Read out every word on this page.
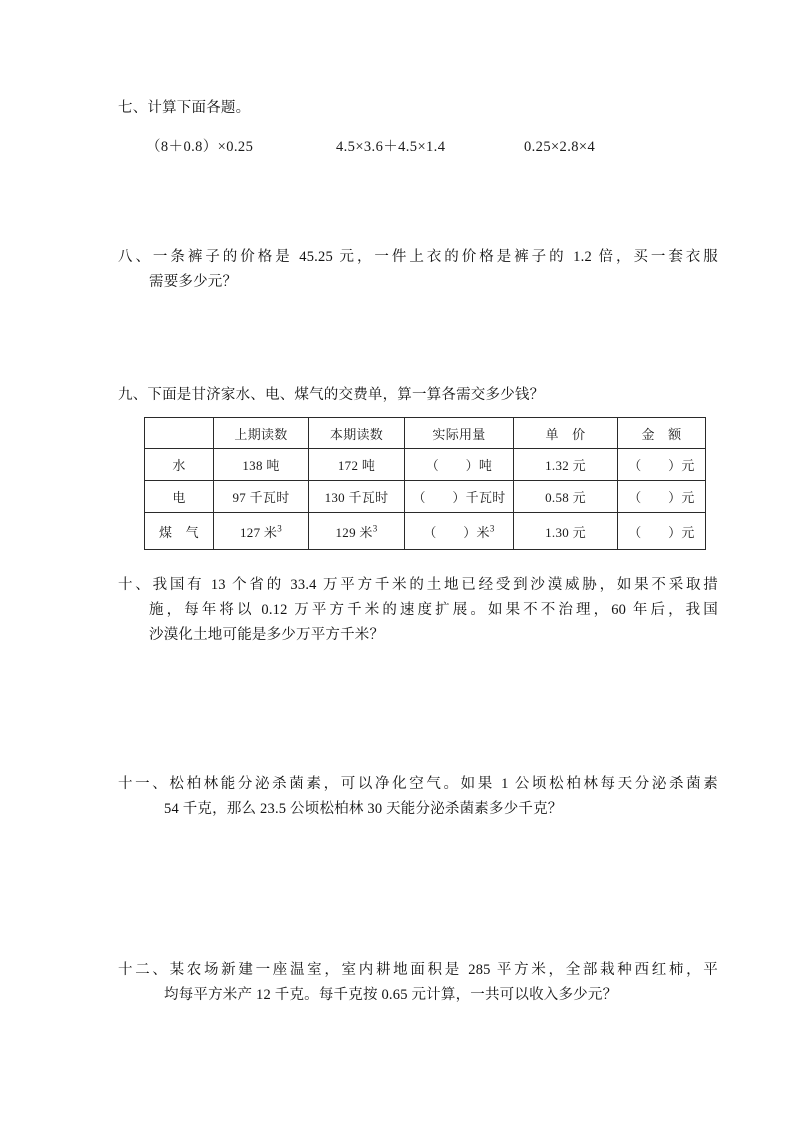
七、计算下面各题。
（8＋0.8）×0.25	4.5×3.6＋4.5×1.4	0.25×2.8×4
八、一条裤子的价格是 45.25 元，一件上衣的价格是裤子的 1.2 倍，买一套衣服
需要多少元？
九、下面是甘济家水、电、煤气的交费单，算一算各需交多少钱？
	上期读数	本期读数	实际用量	单　价	金　额
水	138 吨	172 吨	（　　）吨	1.32 元	（　　）元
电	97 千瓦时	130 千瓦时	（　　）千瓦时	0.58 元	（　　）元
煤　气	127 米$^3$	129 米$^3$	（　　）米$^3$	1.30 元	（　　）元
十、我国有 13 个省的 33.4 万平方千米的土地已经受到沙漠威胁，如果不采取措
施，每年将以 0.12 万平方千米的速度扩展。如果不不治理，60 年后，我国
沙漠化土地可能是多少万平方千米？
十一、松柏林能分泌杀菌素，可以净化空气。如果 1 公顷松柏林每天分泌杀菌素
54 千克，那么 23.5 公顷松柏林 30 天能分泌杀菌素多少千克？
十二、某农场新建一座温室，室内耕地面积是 285 平方米，全部栽种西红柿，平
均每平方米产 12 千克。每千克按 0.65 元计算，一共可以收入多少元？
